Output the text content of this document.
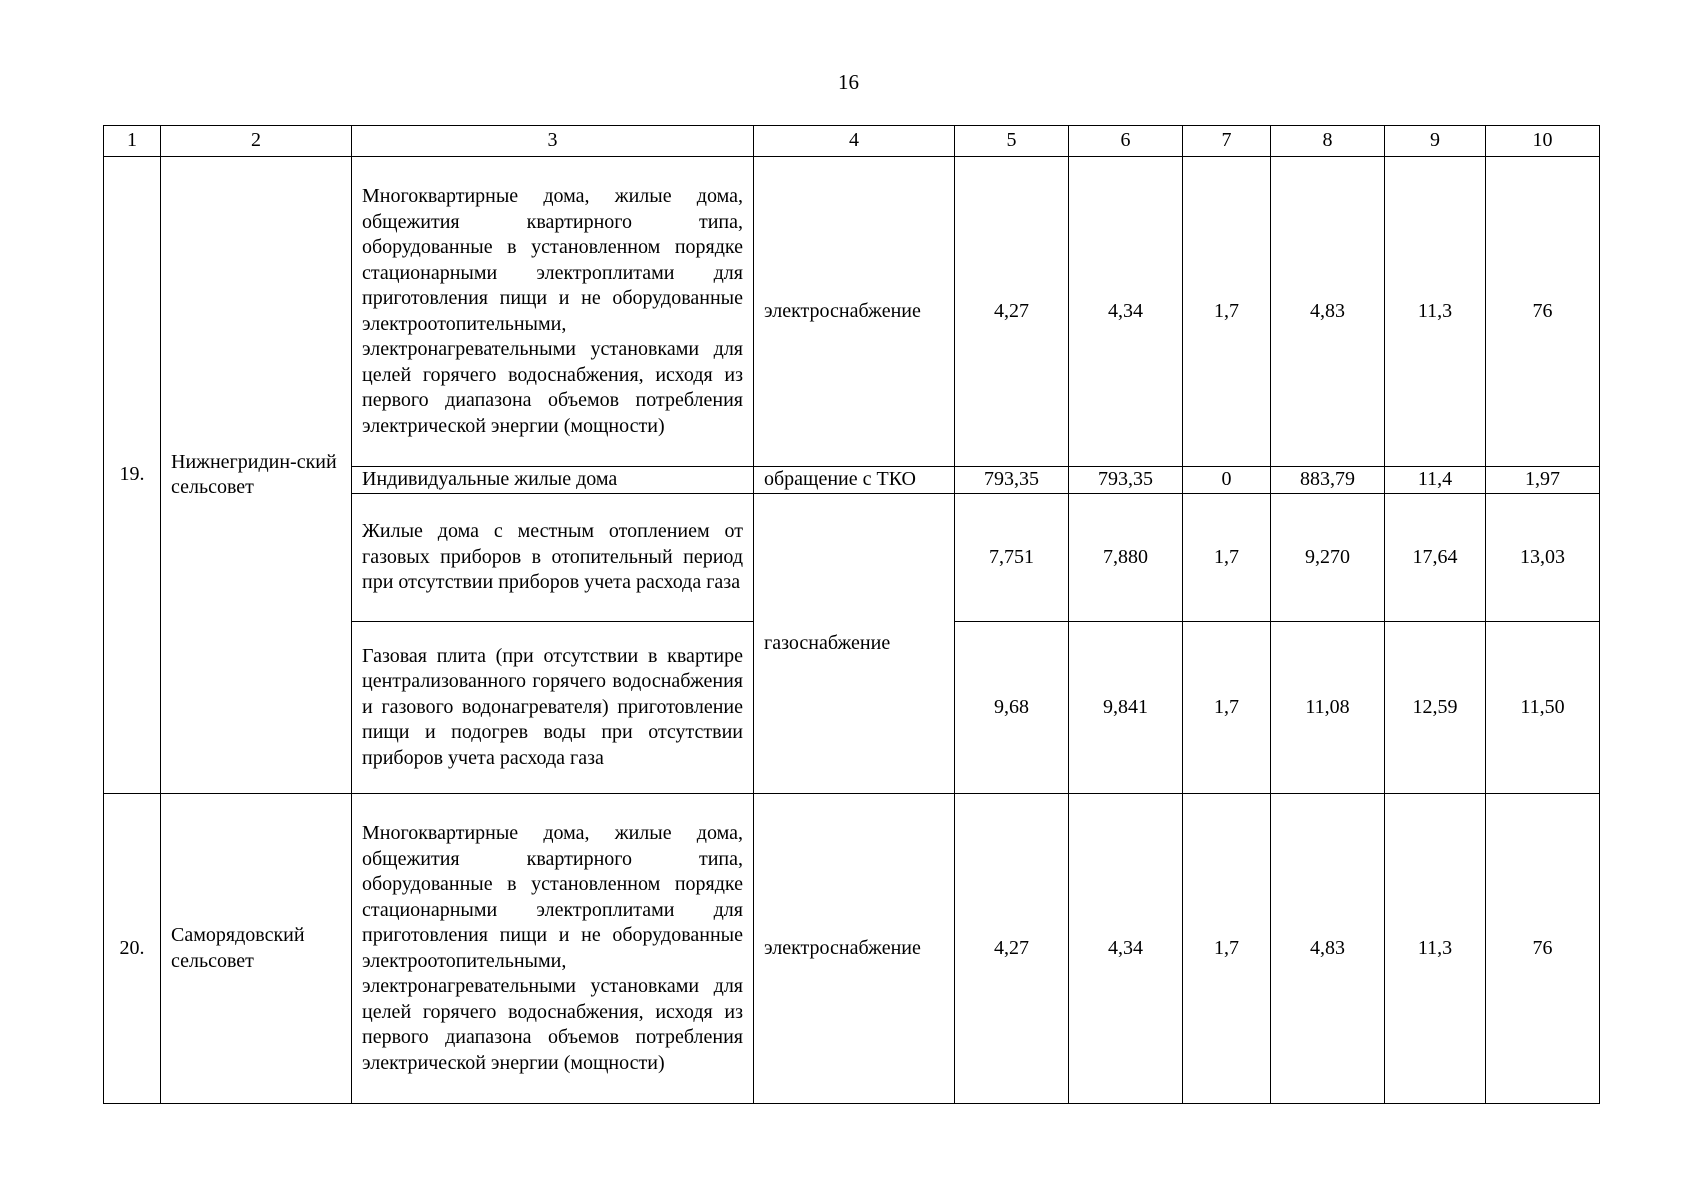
16
1	2	3	4	5	6	7	8	9	10
19.	Нижнегридин-ский сельсовет	Многоквартирные дома, жилые дома, общежития квартирного типа, оборудованные в установленном порядке стационарными электроплитами для приготовления пищи и не оборудованные электроотопительными, электронагревательными установками для целей горячего водоснабжения, исходя из первого диапазона объемов потребления электрической энергии (мощности)	электроснабжение	4,27	4,34	1,7	4,83	11,3	76
		Индивидуальные жилые дома	обращение с ТКО	793,35	793,35	0	883,79	11,4	1,97
		Жилые дома с местным отоплением от газовых приборов в отопительный период при отсутствии приборов учета расхода газа	газоснабжение	7,751	7,880	1,7	9,270	17,64	13,03
		Газовая плита (при отсутствии в квартире централизованного горячего водоснабжения и газового водонагревателя) приготовление пищи и подогрев воды при отсутствии приборов учета расхода газа		9,68	9,841	1,7	11,08	12,59	11,50
20.	Саморядовский сельсовет	Многоквартирные дома, жилые дома, общежития квартирного типа, оборудованные в установленном порядке стационарными электроплитами для приготовления пищи и не оборудованные электроотопительными, электронагревательными установками для целей горячего водоснабжения, исходя из первого диапазона объемов потребления электрической энергии (мощности)	электроснабжение	4,27	4,34	1,7	4,83	11,3	76
